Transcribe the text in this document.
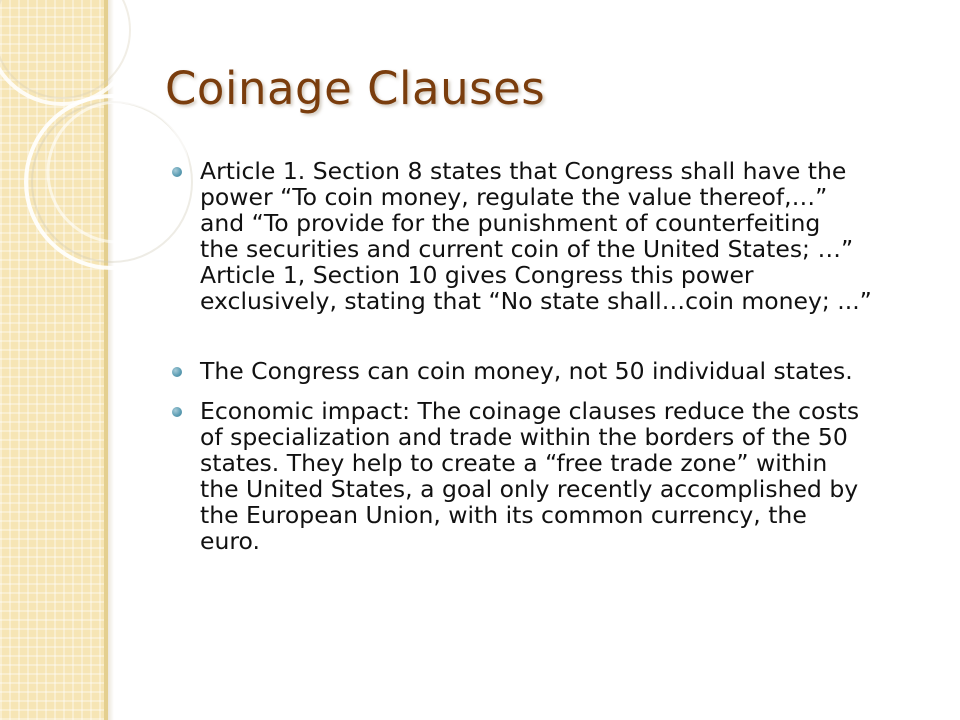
Coinage Clauses
Article 1. Section 8 states that Congress shall have the
power “To coin money, regulate the value thereof,…”
and “To provide for the punishment of counterfeiting
the securities and current coin of the United States; …”
Article 1, Section 10 gives Congress this power
exclusively, stating that “No state shall…coin money; ...”
The Congress can coin money, not 50 individual states.
Economic impact: The coinage clauses reduce the costs
of specialization and trade within the borders of the 50
states. They help to create a “free trade zone” within
the United States, a goal only recently accomplished by
the European Union, with its common currency, the
euro.
